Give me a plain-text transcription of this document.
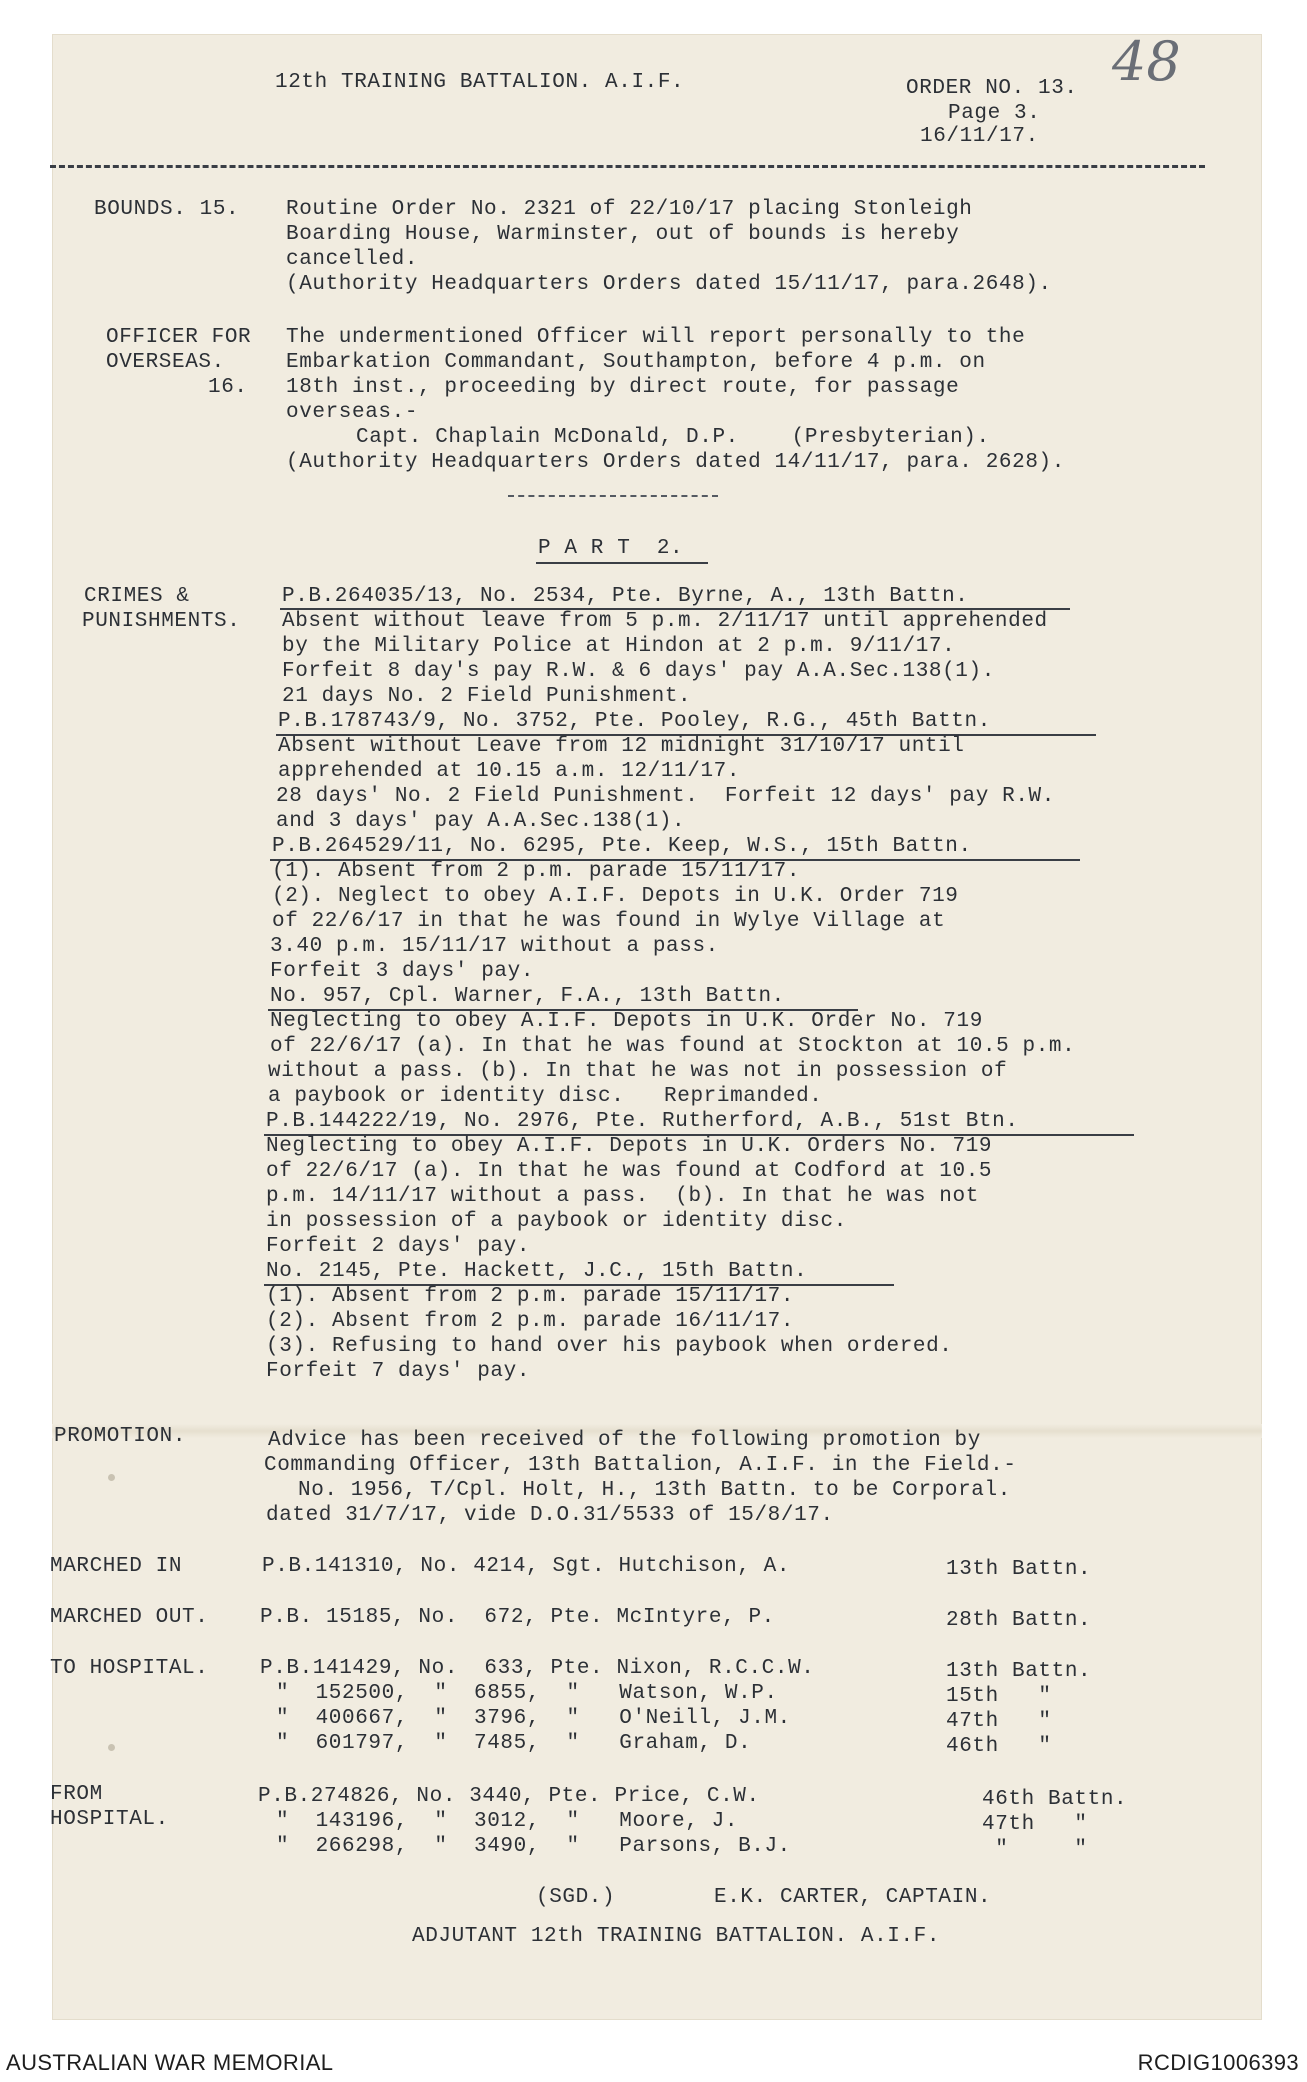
12th TRAINING BATTALION. A.I.F.	ORDER NO. 13.
Page 3.
16/11/17.
48
BOUNDS. 15. Routine Order No. 2321 of 22/10/17 placing Stonleigh
Boarding House, Warminster, out of bounds is hereby
cancelled.
(Authority Headquarters Orders dated 15/11/17, para.2648).
OFFICER FOR
OVERSEAS.
16.
The undermentioned Officer will report personally to the
Embarkation Commandant, Southampton, before 4 p.m. on
18th inst., proceeding by direct route, for passage
overseas.-
Capt. Chaplain McDonald, D.P.    (Presbyterian).
(Authority Headquarters Orders dated 14/11/17, para. 2628).
P A R T  2.
CRIMES &
PUNISHMENTS.
P.B.264035/13, No. 2534, Pte. Byrne, A., 13th Battn.
Absent without leave from 5 p.m. 2/11/17 until apprehended
by the Military Police at Hindon at 2 p.m. 9/11/17.
Forfeit 8 day's pay R.W. & 6 days' pay A.A.Sec.138(1).
21 days No. 2 Field Punishment.
P.B.178743/9, No. 3752, Pte. Pooley, R.G., 45th Battn.
Absent without Leave from 12 midnight 31/10/17 until
apprehended at 10.15 a.m. 12/11/17.
28 days' No. 2 Field Punishment.  Forfeit 12 days' pay R.W.
and 3 days' pay A.A.Sec.138(1).
P.B.264529/11, No. 6295, Pte. Keep, W.S., 15th Battn.
(1). Absent from 2 p.m. parade 15/11/17.
(2). Neglect to obey A.I.F. Depots in U.K. Order 719
of 22/6/17 in that he was found in Wylye Village at
3.40 p.m. 15/11/17 without a pass.
Forfeit 3 days' pay.
No. 957, Cpl. Warner, F.A., 13th Battn.
Neglecting to obey A.I.F. Depots in U.K. Order No. 719
of 22/6/17 (a). In that he was found at Stockton at 10.5 p.m.
without a pass. (b). In that he was not in possession of
a paybook or identity disc.   Reprimanded.
P.B.144222/19, No. 2976, Pte. Rutherford, A.B., 51st Btn.
Neglecting to obey A.I.F. Depots in U.K. Orders No. 719
of 22/6/17 (a). In that he was found at Codford at 10.5
p.m. 14/11/17 without a pass.  (b). In that he was not
in possession of a paybook or identity disc.
Forfeit 2 days' pay.
No. 2145, Pte. Hackett, J.C., 15th Battn.
(1). Absent from 2 p.m. parade 15/11/17.
(2). Absent from 2 p.m. parade 16/11/17.
(3). Refusing to hand over his paybook when ordered.
Forfeit 7 days' pay.
PROMOTION.	Advice has been received of the following promotion by
Commanding Officer, 13th Battalion, A.I.F. in the Field.-
No. 1956, T/Cpl. Holt, H., 13th Battn. to be Corporal.
dated 31/7/17, vide D.O.31/5533 of 15/8/17.
MARCHED IN	P.B.141310, No. 4214, Sgt. Hutchison, A.	13th Battn.
MARCHED OUT. P.B. 15185, No.  672, Pte. McIntyre, P.	28th Battn.
TO HOSPITAL. P.B.141429, No.  633, Pte. Nixon, R.C.C.W.	13th Battn.
"  152500,  "  6855,  "   Watson, W.P.	15th   "
"  400667,  "  3796,  "   O'Neill, J.M.	47th   "
"  601797,  "  7485,  "   Graham, D.	46th   "
FROM
HOSPITAL.
P.B.274826, No. 3440, Pte. Price, C.W.	46th Battn.
"  143196,  "  3012,  "   Moore, J.	47th   "
"  266298,  "  3490,  "   Parsons, B.J.	"     "
(SGD.)	E.K. CARTER, CAPTAIN.
ADJUTANT 12th TRAINING BATTALION. A.I.F.
AUSTRALIAN WAR MEMORIAL	RCDIG1006393
